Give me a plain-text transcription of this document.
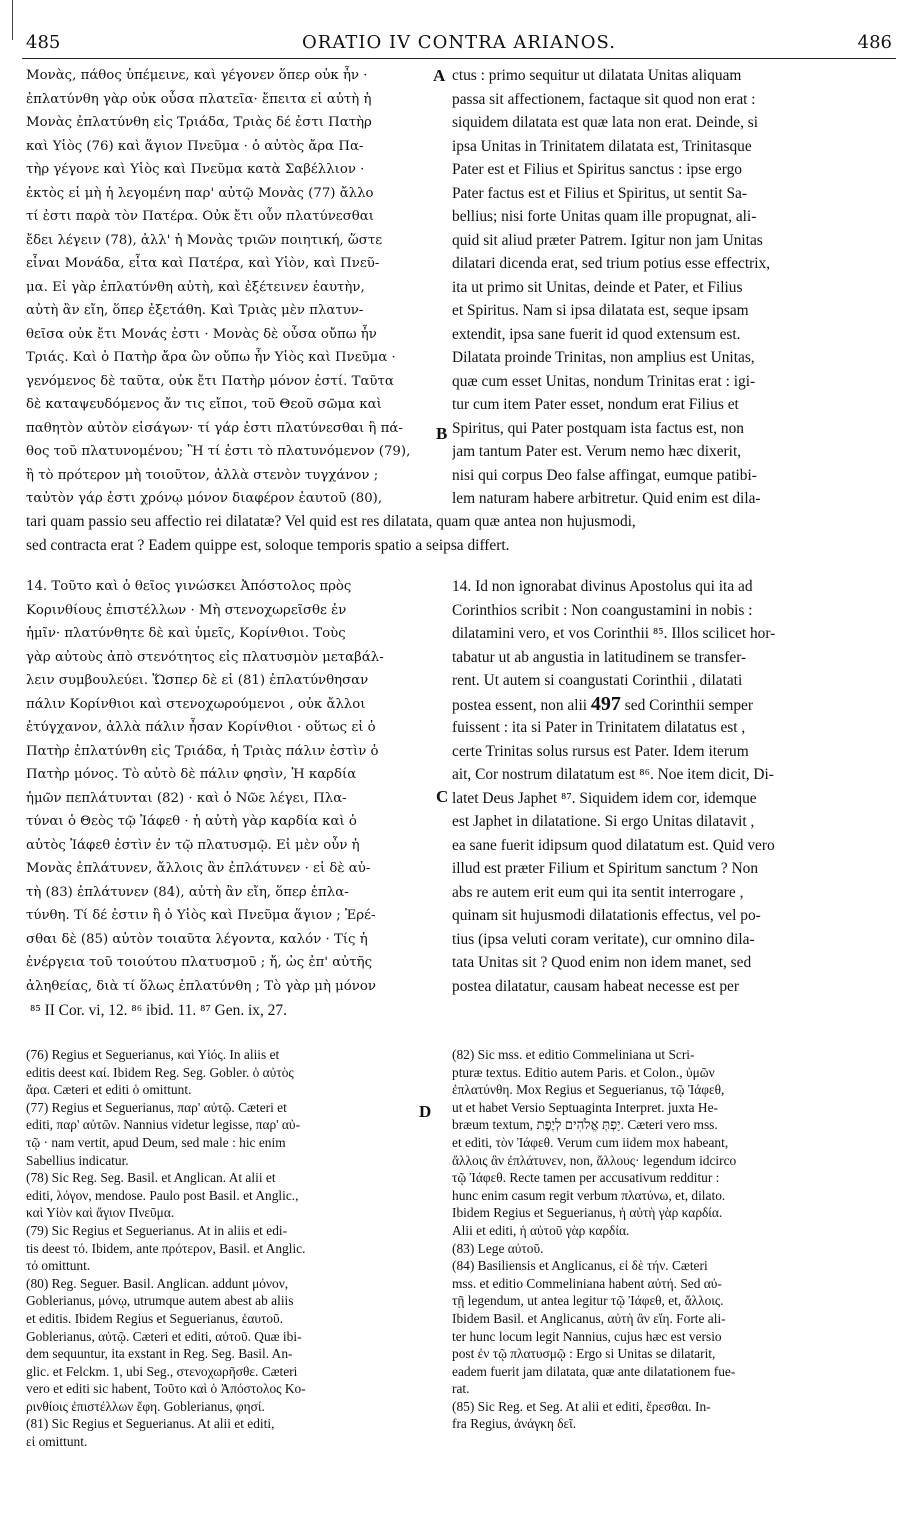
485	ORATIO IV CONTRA ARIANOS.	486
A
B
C
D
Μονὰς, πάθος ὑπέμεινε, καὶ γέγονεν ὅπερ οὐκ ἦν ·
ἐπλατύνθη γὰρ οὐκ οὖσα πλατεῖα· ἔπειτα εἰ αὐτὴ ἡ
Μονὰς ἐπλατύνθη εἰς Τριάδα, Τριὰς δέ ἐστι Πατὴρ
καὶ Υἱὸς (76) καὶ ἅγιον Πνεῦμα · ὁ αὐτὸς ἄρα Πα-
τὴρ γέγονε καὶ Υἱὸς καὶ Πνεῦμα κατὰ Σαβέλλιον ·
ἐκτὸς εἰ μὴ ἡ λεγομένη παρ' αὐτῷ Μονὰς (77) ἄλλο
τί ἐστι παρὰ τὸν Πατέρα. Οὐκ ἔτι οὖν πλατύνεσθαι
ἔδει λέγειν (78), ἀλλ' ἡ Μονὰς τριῶν ποιητική, ὥστε
εἶναι Μονάδα, εἶτα καὶ Πατέρα, καὶ Υἱὸν, καὶ Πνεῦ-
μα. Εἰ γὰρ ἐπλατύνθη αὐτὴ, καὶ ἐξέτεινεν ἑαυτὴν,
αὐτὴ ἂν εἴη, ὅπερ ἐξετάθη. Καὶ Τριὰς μὲν πλατυν-
θεῖσα οὐκ ἔτι Μονάς ἐστι · Μονὰς δὲ οὖσα οὔπω ἦν
Τριάς. Καὶ ὁ Πατὴρ ἄρα ὢν οὔπω ἦν Υἱὸς καὶ Πνεῦμα ·
γενόμενος δὲ ταῦτα, οὐκ ἔτι Πατὴρ μόνον ἐστί. Ταῦτα
δὲ καταψευδόμενος ἄν τις εἴποι, τοῦ Θεοῦ σῶμα καὶ
παθητὸν αὐτὸν εἰσάγων· τί γάρ ἐστι πλατύνεσθαι ἢ πά-
θος τοῦ πλατυνομένου; Ἢ τί ἐστι τὸ πλατυνόμενον (79),
ἢ τὸ πρότερον μὴ τοιοῦτον, ἀλλὰ στενὸν τυγχάνον ;
ταὐτὸν γάρ ἐστι χρόνῳ μόνον διαφέρον ἑαυτοῦ (80),
ctus : primo sequitur ut dilatata Unitas aliquam
passa sit affectionem, factaque sit quod non erat :
siquidem dilatata est quæ lata non erat. Deinde, si
ipsa Unitas in Trinitatem dilatata est, Trinitasque
Pater est et Filius et Spiritus sanctus : ipse ergo
Pater factus est et Filius et Spiritus, ut sentit Sa-
bellius; nisi forte Unitas quam ille propugnat, ali-
quid sit aliud præter Patrem. Igitur non jam Unitas
dilatari dicenda erat, sed trium potius esse effectrix,
ita ut primo sit Unitas, deinde et Pater, et Filius
et Spiritus. Nam si ipsa dilatata est, seque ipsam
extendit, ipsa sane fuerit id quod extensum est.
Dilatata proinde Trinitas, non amplius est Unitas,
quæ cum esset Unitas, nondum Trinitas erat : igi-
tur cum item Pater esset, nondum erat Filius et
Spiritus, qui Pater postquam ista factus est, non
jam tantum Pater est. Verum nemo hæc dixerit,
nisi qui corpus Deo false affingat, eumque patibi-
lem naturam habere arbitretur. Quid enim est dila-
tari quam passio seu affectio rei dilatatæ? Vel quid est res dilatata, quam quæ antea non hujusmodi,
sed contracta erat ? Eadem quippe est, soloque temporis spatio a seipsa differt.
14. Τοῦτο καὶ ὁ θεῖος γινώσκει Ἀπόστολος πρὸς
Κορινθίους ἐπιστέλλων · Μὴ στενοχωρεῖσθε ἐν
ἡμῖν· πλατύνθητε δὲ καὶ ὑμεῖς, Κορίνθιοι. Τοὺς
γὰρ αὐτοὺς ἀπὸ στενότητος εἰς πλατυσμὸν μεταβάλ-
λειν συμβουλεύει. Ὥσπερ δὲ εἰ (81) ἐπλατύνθησαν
πάλιν Κορίνθιοι καὶ στενοχωρούμενοι , οὐκ ἄλλοι
ἐτύγχανον, ἀλλὰ πάλιν ἦσαν Κορίνθιοι · οὕτως εἰ ὁ
Πατὴρ ἐπλατύνθη εἰς Τριάδα, ἡ Τριὰς πάλιν ἐστὶν ὁ
Πατὴρ μόνος. Τὸ αὐτὸ δὲ πάλιν φησὶν, Ἡ καρδία
ἡμῶν πεπλάτυνται (82) · καὶ ὁ Νῶε λέγει, Πλα-
τύναι ὁ Θεὸς τῷ Ἰάφεθ · ἡ αὐτὴ γὰρ καρδία καὶ ὁ
αὐτὸς Ἰάφεθ ἐστὶν ἐν τῷ πλατυσμῷ. Εἰ μὲν οὖν ἡ
Μονὰς ἐπλάτυνεν, ἄλλοις ἂν ἐπλάτυνεν · εἰ δὲ αὐ-
τὴ (83) ἐπλάτυνεν (84), αὐτὴ ἂν εἴη, ὅπερ ἐπλα-
τύνθη. Τί δέ ἐστιν ἢ ὁ Υἱὸς καὶ Πνεῦμα ἅγιον ; Ἐρέ-
σθαι δὲ (85) αὐτὸν τοιαῦτα λέγοντα, καλόν · Τίς ἡ
ἐνέργεια τοῦ τοιούτου πλατυσμοῦ ; ἤ, ὡς ἐπ' αὐτῆς
ἀληθείας, διὰ τί ὅλως ἐπλατύνθη ; Τὸ γὰρ μὴ μόνον
14. Id non ignorabat divinus Apostolus qui ita ad
Corinthios scribit : Non coangustamini in nobis :
dilatamini vero, et vos Corinthii ⁸⁵. Illos scilicet hor-
tabatur ut ab angustia in latitudinem se transfer-
rent. Ut autem si coangustati Corinthii , dilatati
postea essent, non alii 497 sed Corinthii semper
fuissent : ita si Pater in Trinitatem dilatatus est ,
certe Trinitas solus rursus est Pater. Idem iterum
ait, Cor nostrum dilatatum est ⁸⁶. Noe item dicit, Di-
latet Deus Japhet ⁸⁷. Siquidem idem cor, idemque
est Japhet in dilatatione. Si ergo Unitas dilatavit ,
ea sane fuerit idipsum quod dilatatum est. Quid vero
illud est præter Filium et Spiritum sanctum ? Non
abs re autem erit eum qui ita sentit interrogare ,
quinam sit hujusmodi dilatationis effectus, vel po-
tius (ipsa veluti coram veritate), cur omnino dila-
tata Unitas sit ? Quod enim non idem manet, sed
postea dilatatur, causam habeat necesse est per
⁸⁵ II Cor. vi, 12. ⁸⁶ ibid. 11. ⁸⁷ Gen. ix, 27.
(76) Regius et Seguerianus, καὶ Υἱός. In aliis et
editis deest καί. Ibidem Reg. Seg. Gobler. ὁ αὐτὸς
ἄρα. Cæteri et editi ὁ omittunt.
(77) Regius et Seguerianus, παρ' αὐτῷ. Cæteri et
editi, παρ' αὐτῶν. Nannius videtur legisse, παρ' αὐ-
τῷ · nam vertit, apud Deum, sed male : hic enim
Sabellius indicatur.
(78) Sic Reg. Seg. Basil. et Anglican. At alii et
editi, λόγον, mendose. Paulo post Basil. et Anglic.,
καὶ Υἱὸν καὶ ἅγιον Πνεῦμα.
(79) Sic Regius et Seguerianus. At in aliis et edi-
tis deest τό. Ibidem, ante πρότερον, Basil. et Anglic.
τό omittunt.
(80) Reg. Seguer. Basil. Anglican. addunt μόνον,
Goblerianus, μόνῳ, utrumque autem abest ab aliis
et editis. Ibidem Regius et Seguerianus, ἑαυτοῦ.
Goblerianus, αὐτῷ. Cæteri et editi, αὐτοῦ. Quæ ibi-
dem sequuntur, ita exstant in Reg. Seg. Basil. An-
glic. et Felckm. 1, ubi Seg., στενοχωρῆσθε. Cæteri
vero et editi sic habent, Τοῦτο καὶ ὁ Ἀπόστολος Κο-
ρινθίοις ἐπιστέλλων ἔφη. Goblerianus, φησί.
(81) Sic Regius et Seguerianus. At alii et editi,
εἰ omittunt.
(82) Sic mss. et editio Commeliniana ut Scri-
pturæ textus. Editio autem Paris. et Colon., ὑμῶν
ἐπλατύνθη. Mox Regius et Seguerianus, τῷ Ἰάφεθ,
ut et habet Versio Septuaginta Interpret. juxta He-
bræum textum, יַפְתְּ אֱלֹהִים לְיֶפֶת. Cæteri vero mss.
et editi, τὸν Ἰάφεθ. Verum cum iidem mox habeant,
ἄλλοις ἂν ἐπλάτυνεν, non, ἄλλους· legendum idcirco
τῷ Ἰάφεθ. Recte tamen per accusativum redditur :
hunc enim casum regit verbum πλατύνω, et, dilato.
Ibidem Regius et Seguerianus, ἡ αὐτὴ γὰρ καρδία.
Alii et editi, ἡ αὐτοῦ γὰρ καρδία.
(83) Lege αὐτοῦ.
(84) Basiliensis et Anglicanus, εἰ δὲ τήν. Cæteri
mss. et editio Commeliniana habent αὐτή. Sed αὐ-
τῇ legendum, ut antea legitur τῷ Ἰάφεθ, et, ἄλλοις.
Ibidem Basil. et Anglicanus, αὐτὴ ἂν εἴη. Forte ali-
ter hunc locum legit Nannius, cujus hæc est versio
post ἐν τῷ πλατυσμῷ : Ergo si Unitas se dilatarit,
eadem fuerit jam dilatata, quæ ante dilatationem fue-
rat.
(85) Sic Reg. et Seg. At alii et editi, ἔρεσθαι. In-
fra Regius, ἀνάγκη δεῖ.
